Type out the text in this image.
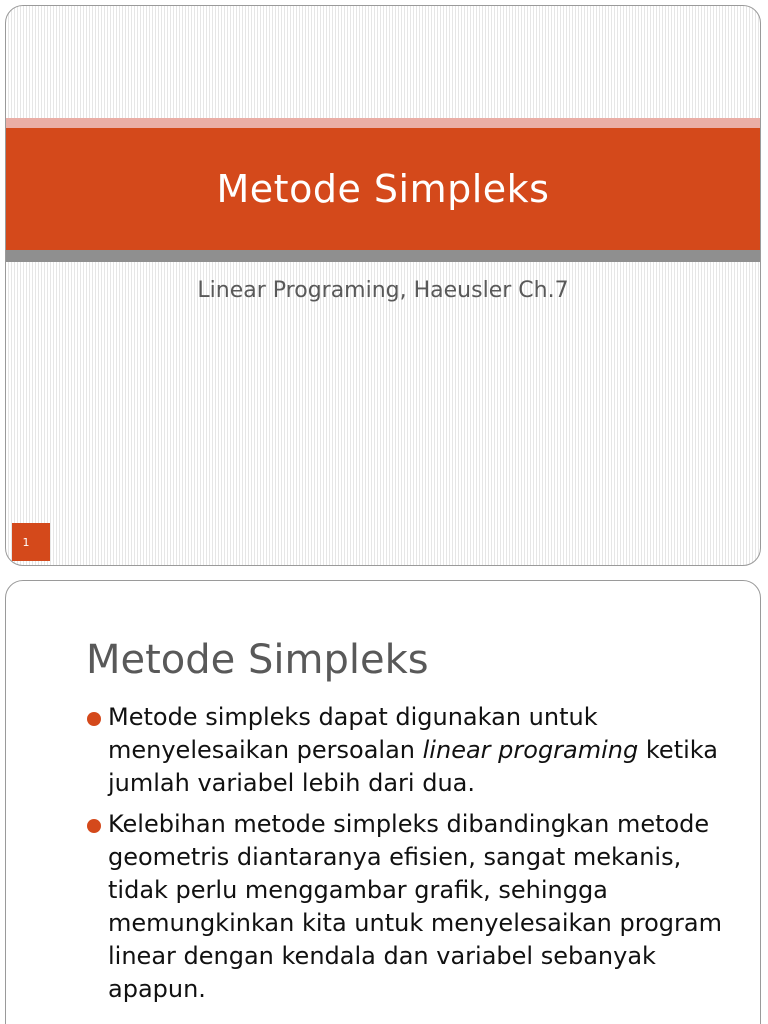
Metode Simpleks

Linear Programing, Haeusler Ch.7

1
Metode Simpleks
Metode simpleks dapat digunakan untuk menyelesaikan persoalan linear programing ketika jumlah variabel lebih dari dua.
Kelebihan metode simpleks dibandingkan metode geometris diantaranya efisien, sangat mekanis, tidak perlu menggambar grafik, sehingga memungkinkan kita untuk menyelesaikan program linear dengan kendala dan variabel sebanyak apapun.
